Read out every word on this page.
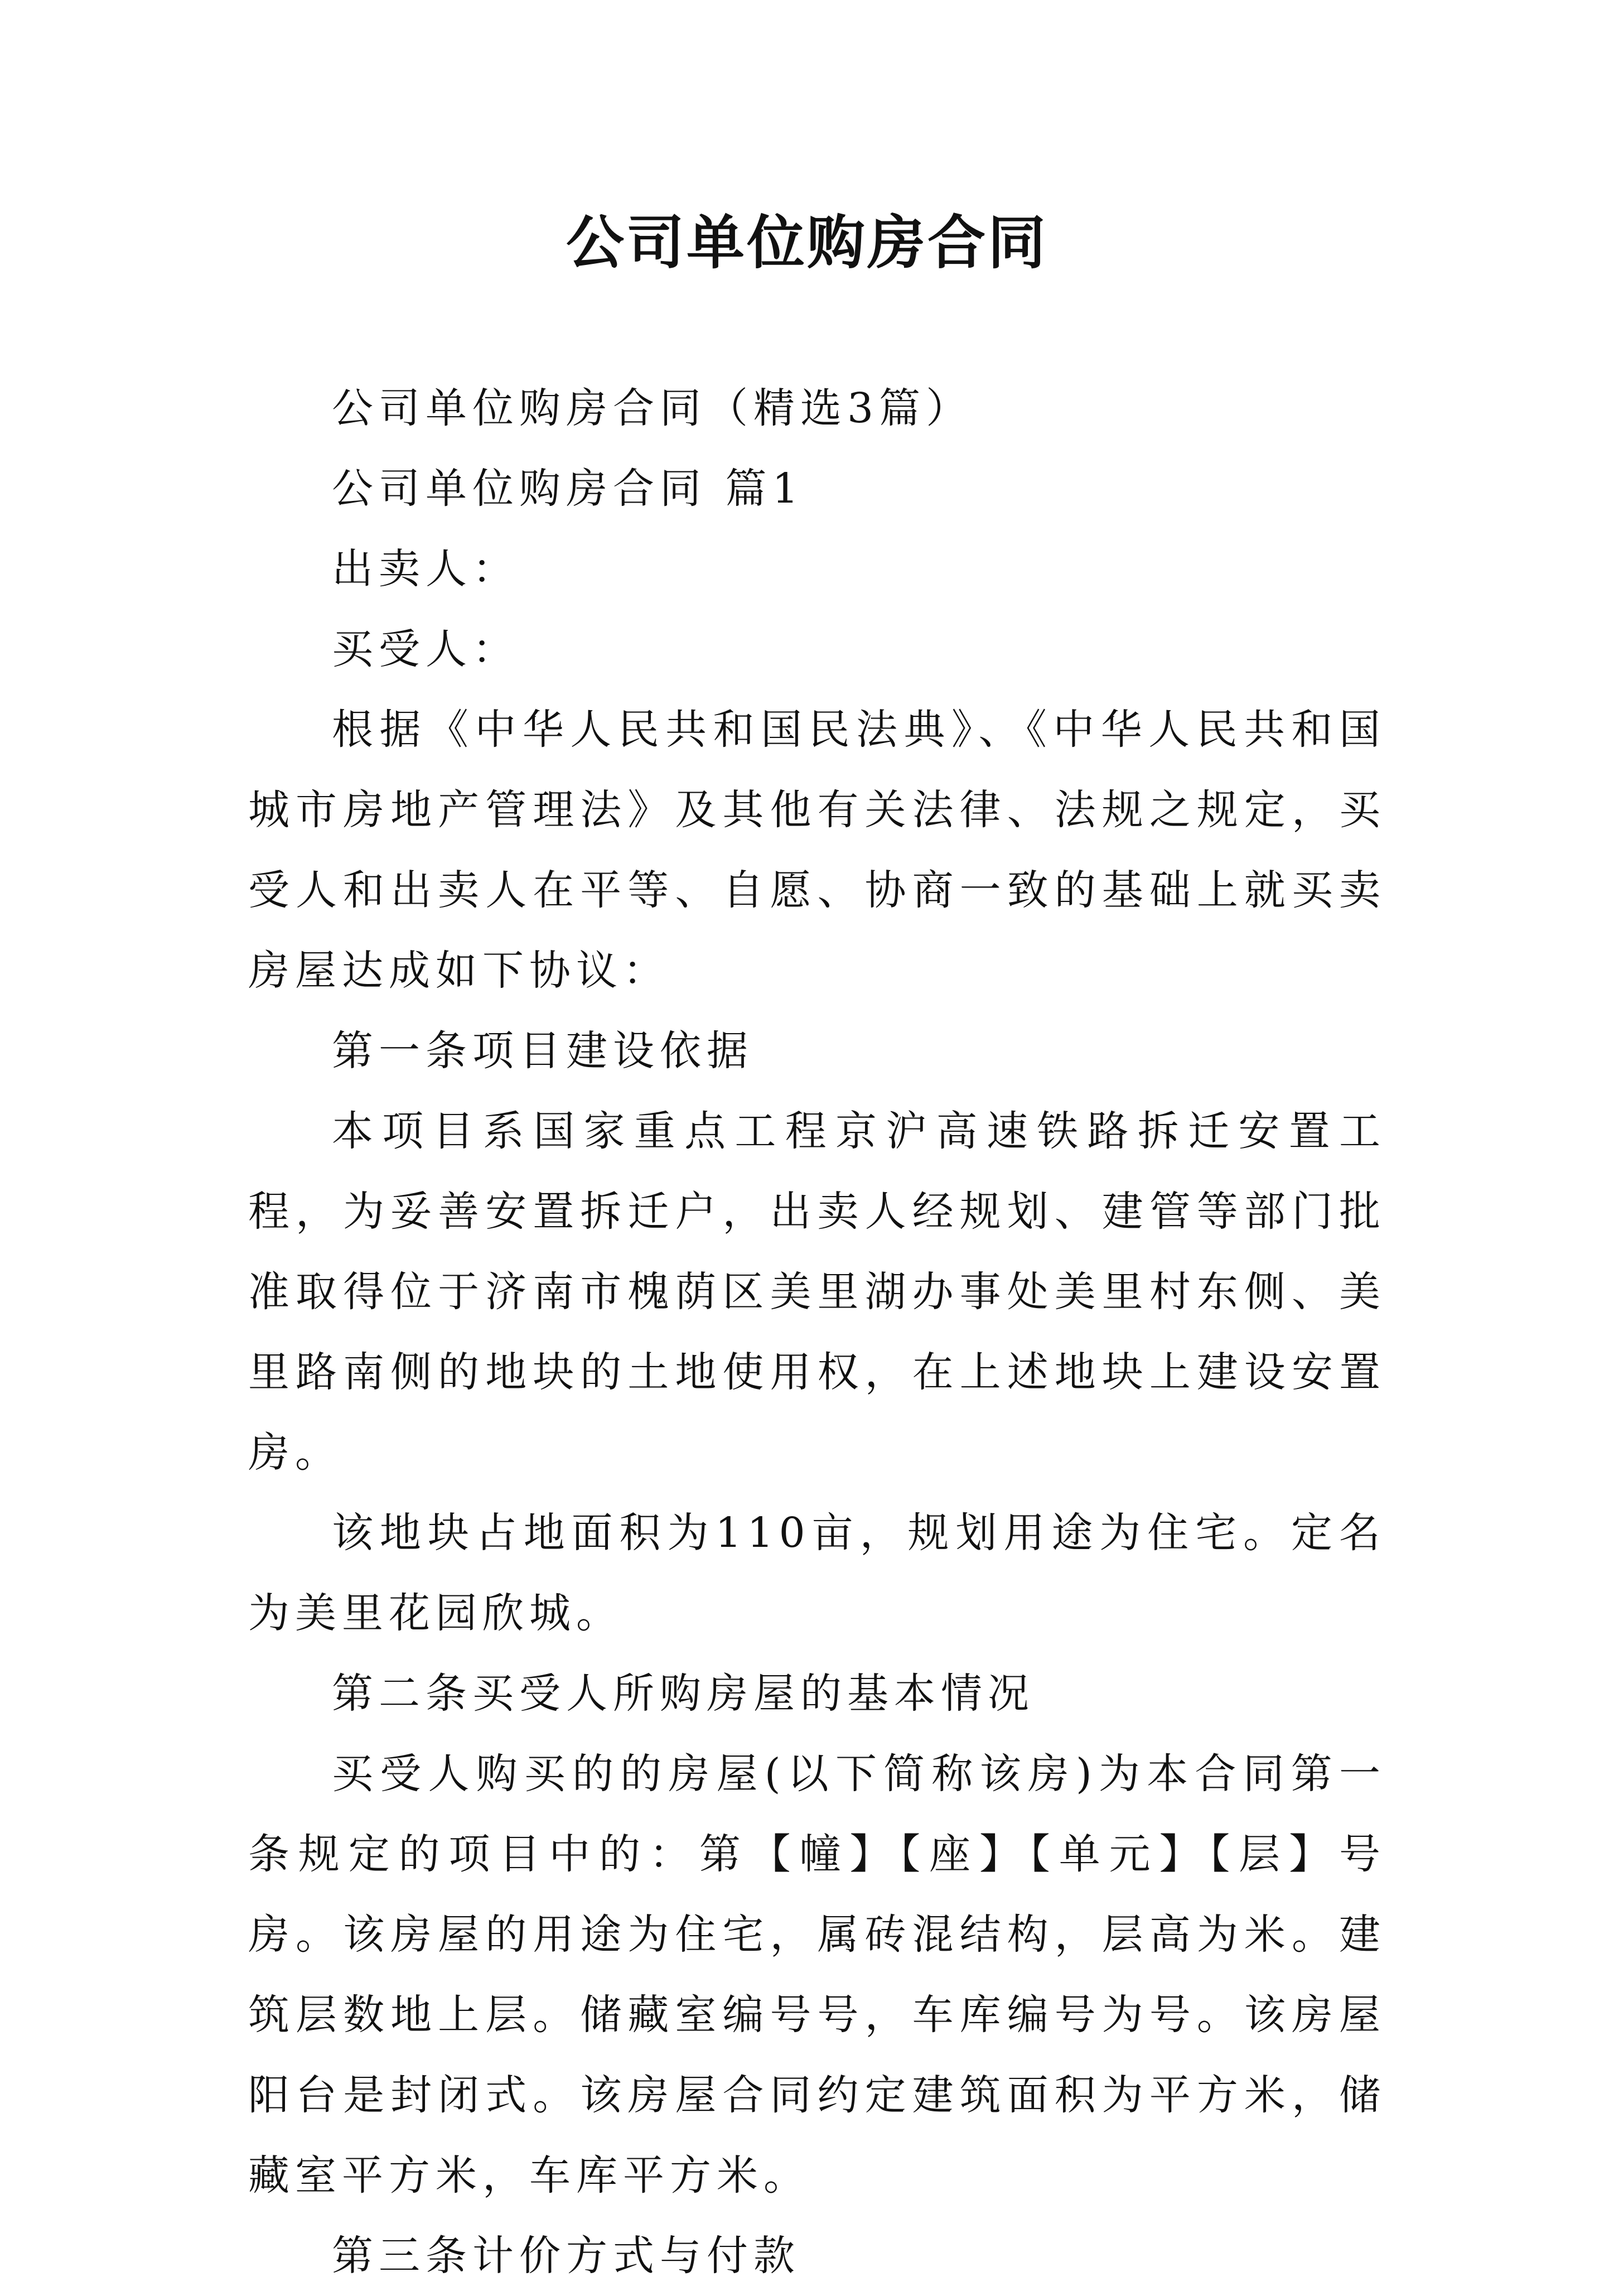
公司单位购房合同

公司单位购房合同（精选3篇）

公司单位购房合同 篇1

出卖人：

买受人：

根据《中华人民共和国民法典》、《中华人民共和国城市房地产管理法》及其他有关法律、法规之规定，买受人和出卖人在平等、自愿、协商一致的基础上就买卖房屋达成如下协议：

第一条项目建设依据

本项目系国家重点工程京沪高速铁路拆迁安置工程，为妥善安置拆迁户，出卖人经规划、建管等部门批准取得位于济南市槐荫区美里湖办事处美里村东侧、美里路南侧的地块的土地使用权，在上述地块上建设安置房。

该地块占地面积为110亩，规划用途为住宅。定名为美里花园欣城。

第二条买受人所购房屋的基本情况

买受人购买的的房屋(以下简称该房)为本合同第一条规定的项目中的：第【幢】【座】【单元】【层】号房。该房屋的用途为住宅，属砖混结构，层高为米。建筑层数地上层。储藏室编号号，车库编号为号。该房屋阳台是封闭式。该房屋合同约定建筑面积为平方米，储藏室平方米，车库平方米。

第三条计价方式与付款
